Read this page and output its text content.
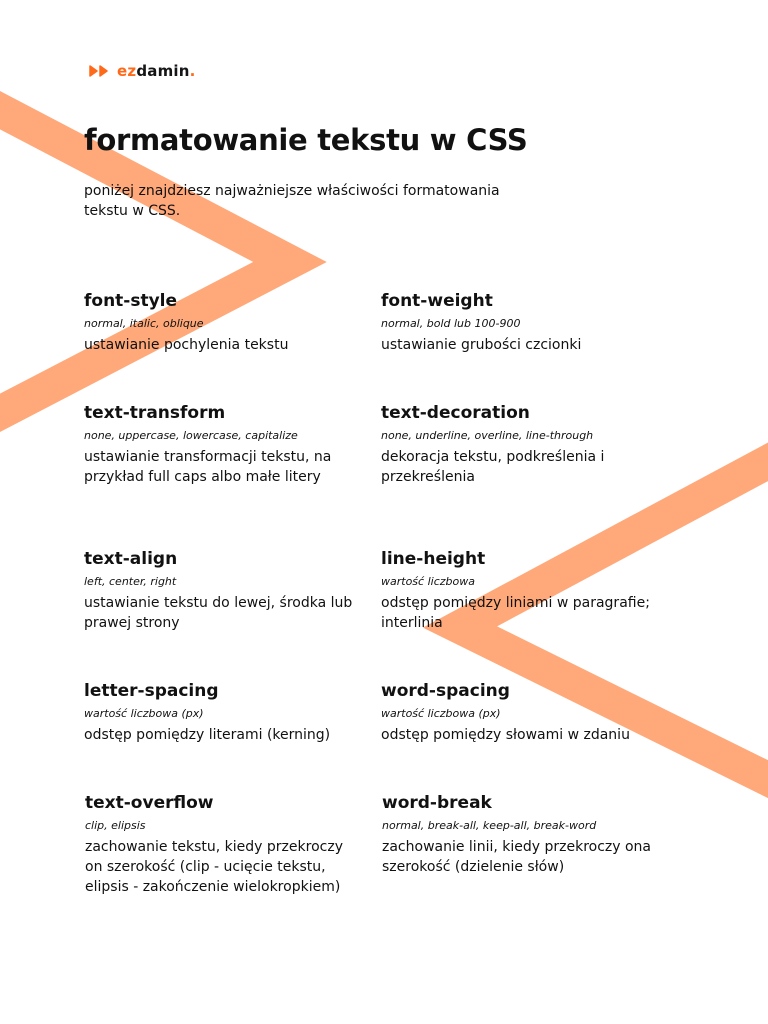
ezdamin.
formatowanie tekstu w CSS

poniżej znajdziesz najważniejsze właściwości formatowania tekstu w CSS.

font-style
normal, italic, oblique
ustawianie pochylenia tekstu
font-weight
normal, bold lub 100-900
ustawianie grubości czcionki
text-transform
none, uppercase, lowercase, capitalize
ustawianie transformacji tekstu, na przykład full caps albo małe litery
text-decoration
none, underline, overline, line-through
dekoracja tekstu, podkreślenia i przekreślenia
text-align
left, center, right
ustawianie tekstu do lewej, środka lub prawej strony
line-height
wartość liczbowa
odstęp pomiędzy liniami w paragrafie; interlinia
letter-spacing
wartość liczbowa (px)
odstęp pomiędzy literami (kerning)
word-spacing
wartość liczbowa (px)
odstęp pomiędzy słowami w zdaniu
text-overflow
clip, elipsis
zachowanie tekstu, kiedy przekroczy on szerokość (clip - ucięcie tekstu, elipsis - zakończenie wielokropkiem)
word-break
normal, break-all, keep-all, break-word
zachowanie linii, kiedy przekroczy ona szerokość (dzielenie słów)
